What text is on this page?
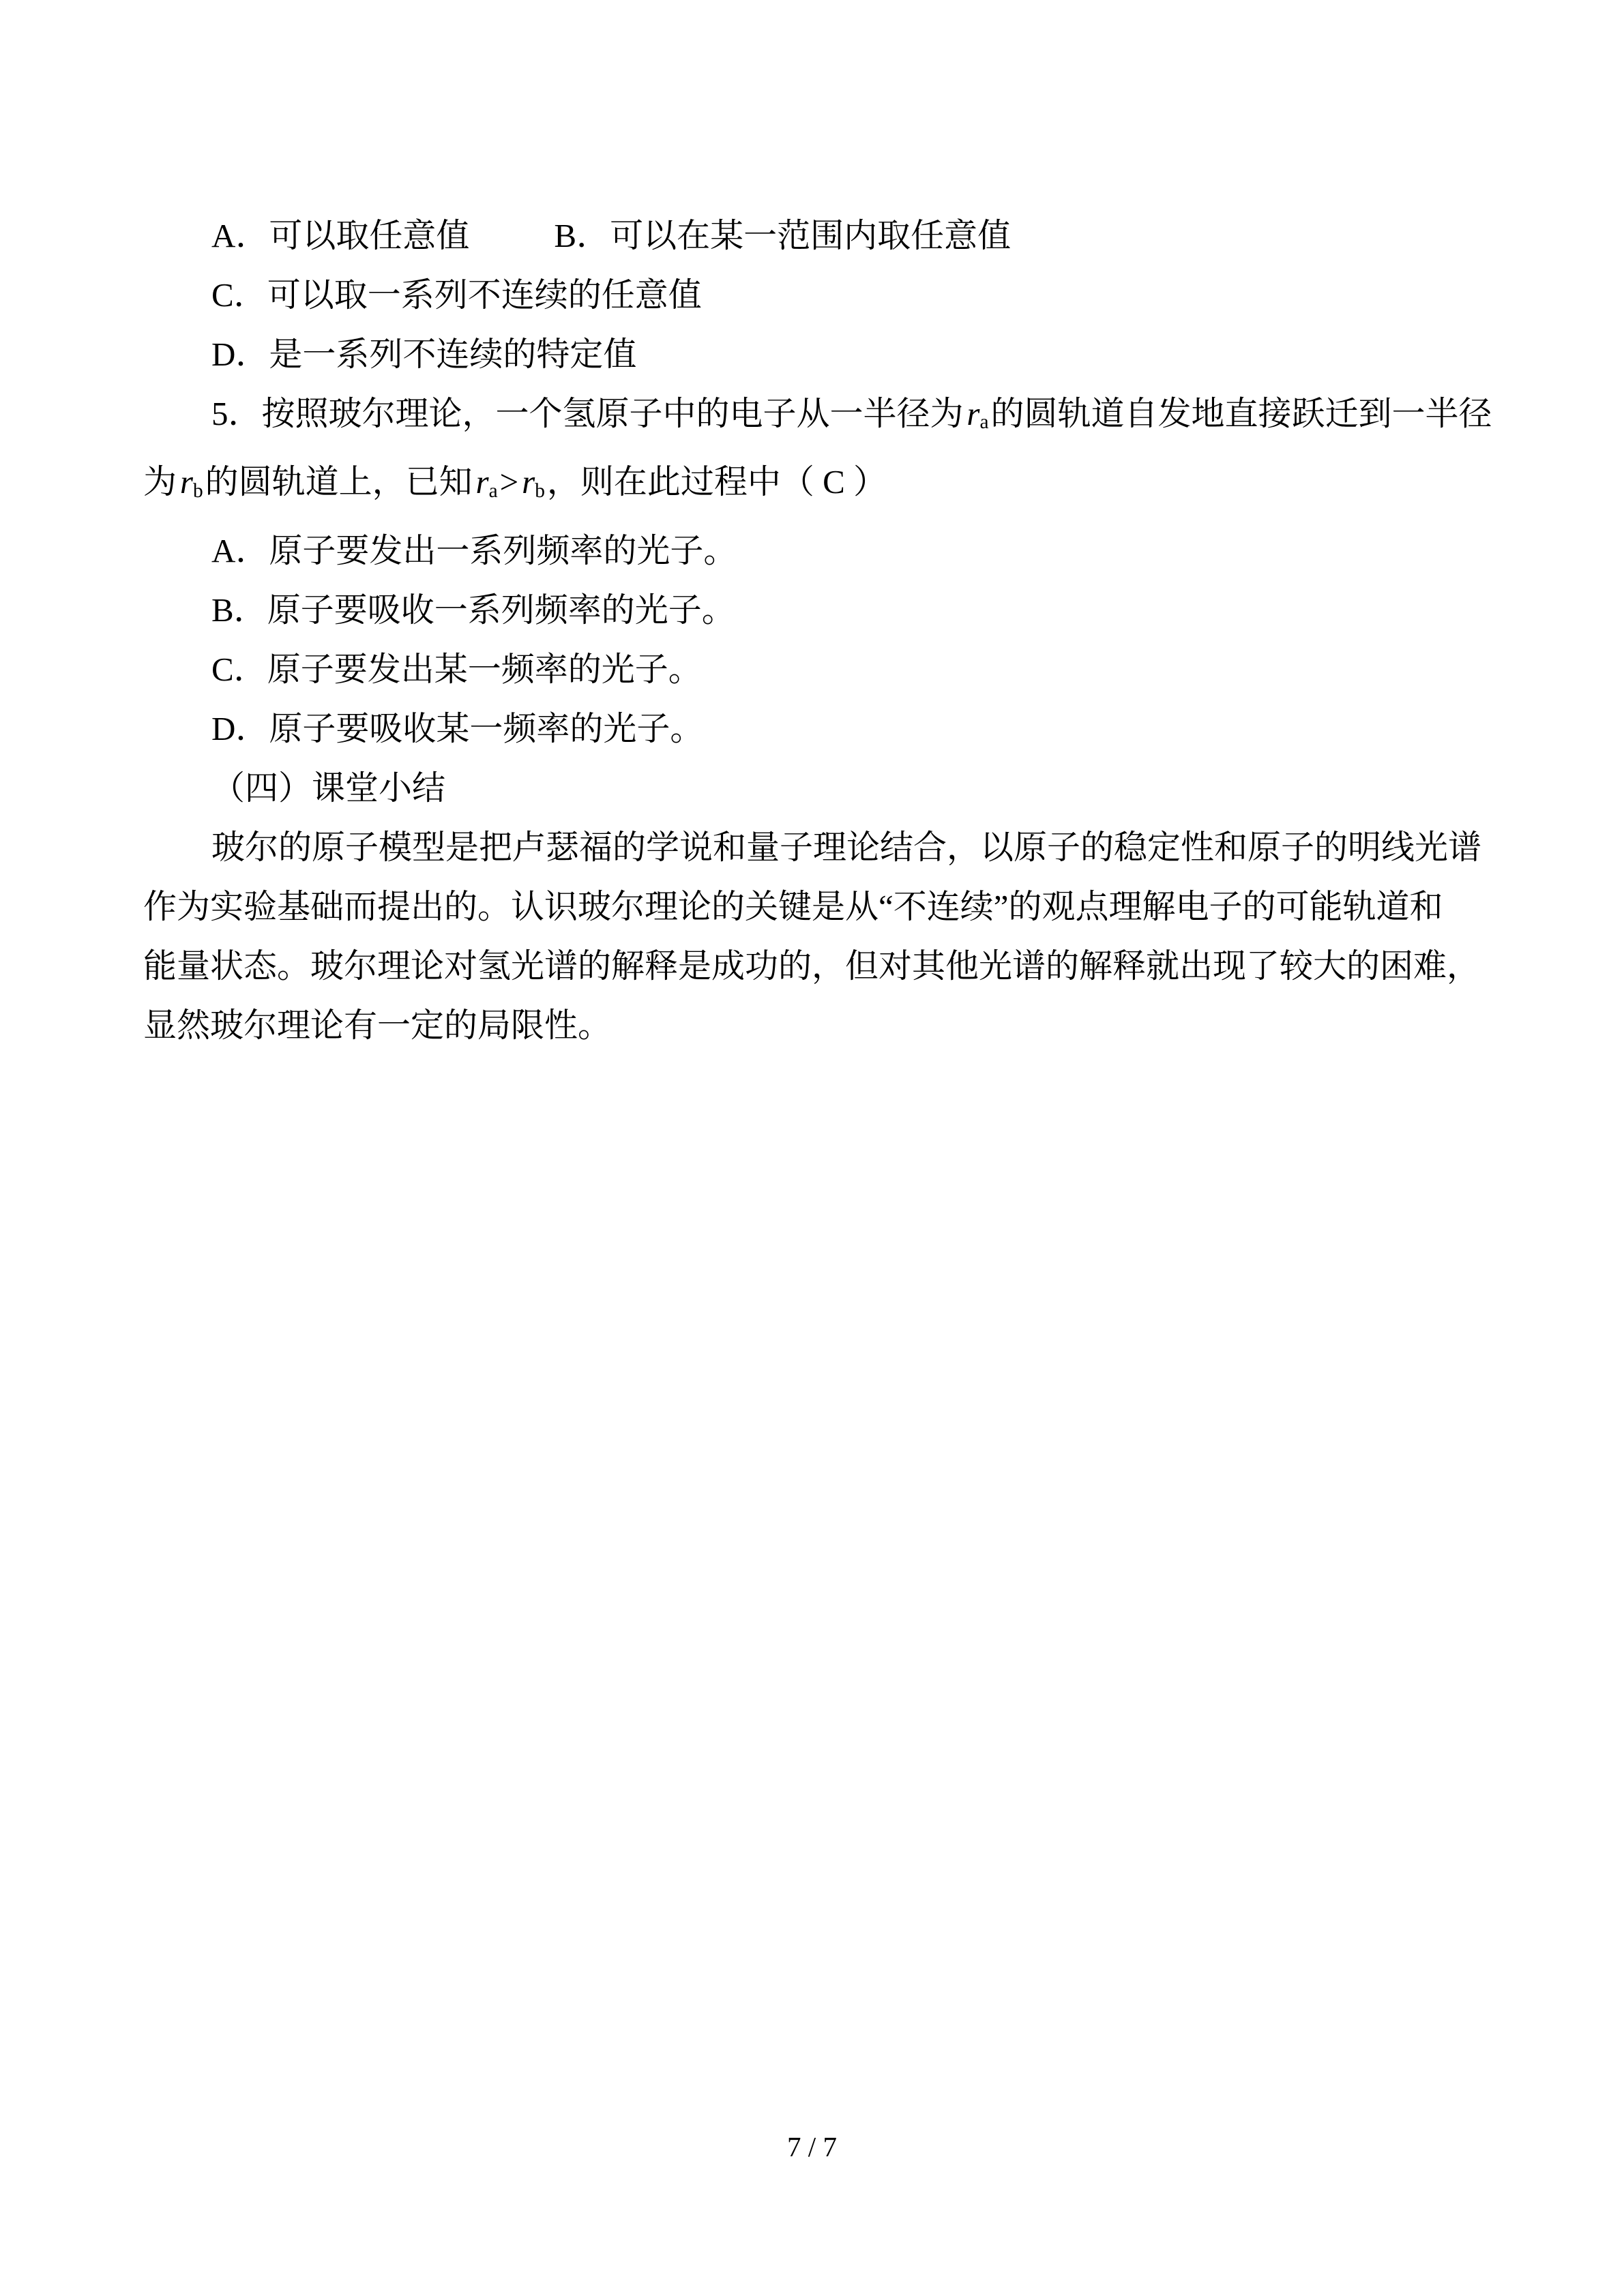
A．可以取任意值	B．可以在某一范围内取任意值

C．可以取一系列不连续的任意值

D．是一系列不连续的特定值

5．按照玻尔理论，一个氢原子中的电子从一半径为ra的圆轨道自发地直接跃迁到一半径

为rb的圆轨道上，已知ra>rb，则在此过程中（ C ）

A．原子要发出一系列频率的光子。

B．原子要吸收一系列频率的光子。

C．原子要发出某一频率的光子。

D．原子要吸收某一频率的光子。

（四）课堂小结

玻尔的原子模型是把卢瑟福的学说和量子理论结合，以原子的稳定性和原子的明线光谱

作为实验基础而提出的。认识玻尔理论的关键是从“不连续”的观点理解电子的可能轨道和

能量状态。玻尔理论对氢光谱的解释是成功的，但对其他光谱的解释就出现了较大的困难，

显然玻尔理论有一定的局限性。

7 / 7
